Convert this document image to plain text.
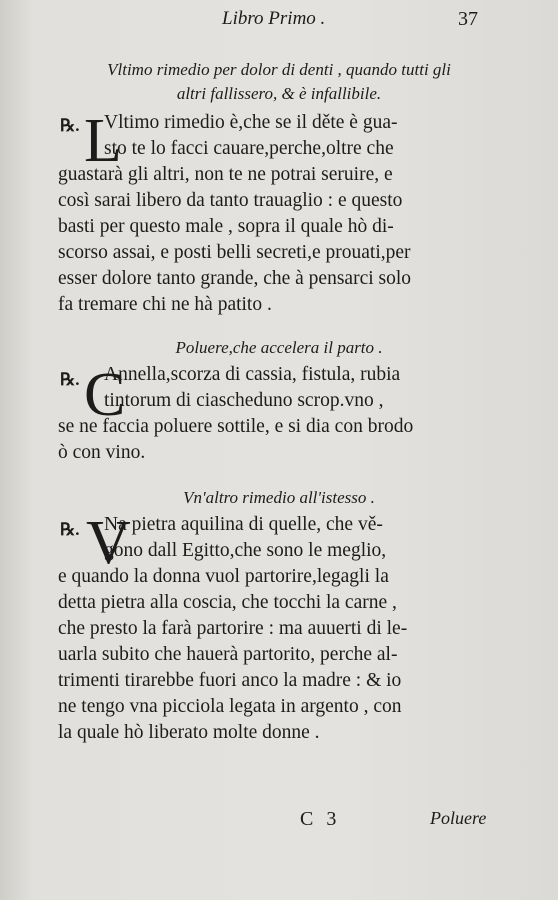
Libro Primo .	37
Vltimo rimedio per dolor di denti , quando tutti gli
altri fallissero, & è infallibile.
℞. L
Vltimo rimedio è,che se il děte è gua-
sto te lo facci cauare,perche,oltre che
guastarà gli altri, non te ne potrai seruire, e
così sarai libero da tanto trauaglio : e questo
basti per questo male , sopra il quale hò di-
scorso assai, e posti belli secreti,e prouati,per
esser dolore tanto grande, che à pensarci solo
fa tremare chi ne hà patito .
Poluere,che accelera il parto .
℞. C
Annella,scorza di cassia, fistula, rubia
tintorum di ciascheduno scrop.vno ,
se ne faccia poluere sottile, e si dia con brodo
ò con vino.
Vn'altro rimedio all'istesso .
℞. V
Na pietra aquilina di quelle, che vě-
gono dall Egitto,che sono le meglio,
e quando la donna vuol partorire,legagli la
detta pietra alla coscia, che tocchi la carne ,
che presto la farà partorire : ma auuerti di le-
uarla subito che hauerà partorito, perche al-
trimenti tirarebbe fuori anco la madre : & io
ne tengo vna picciola legata in argento , con
la quale hò liberato molte donne .
C 3	Poluere
